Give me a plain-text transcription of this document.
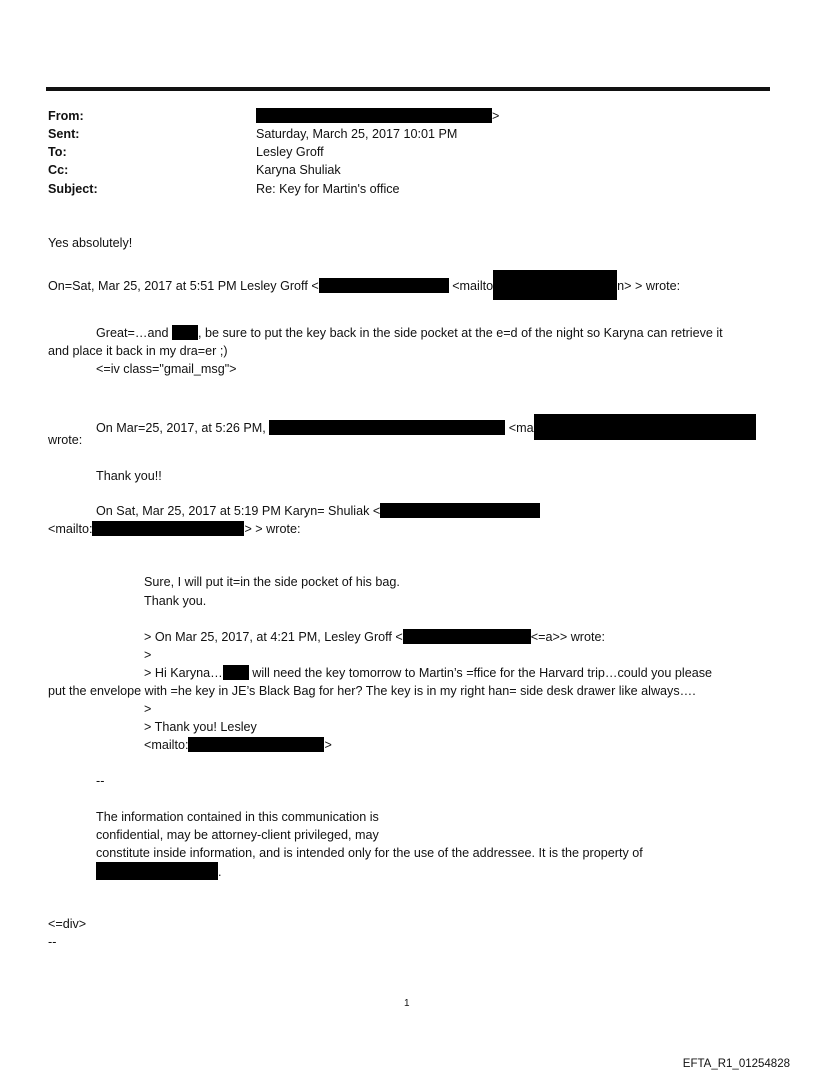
From:	>
Sent:	Saturday, March 25, 2017 10:01 PM
To:	Lesley Groff
Cc:	Karyna Shuliak
Subject:	Re: Key for Martin's office
Yes absolutely!
On=Sat, Mar 25, 2017 at 5:51 PM Lesley Groff <	<mailto	n> > wrote:
Great=…and , be sure to put the key back in the side pocket at the e=d of the night so Karyna can retrieve it
and place it back in my dra=er ;)
<=iv class="gmail_msg">
On Mar=25, 2017, at 5:26 PM,	<ma
wrote:
Thank you!!
On Sat, Mar 25, 2017 at 5:19 PM Karyn= Shuliak <
<mailto:	> > wrote:
Sure, I will put it=in the side pocket of his bag.
Thank you.
> On Mar 25, 2017, at 4:21 PM, Lesley Groff <	<=a>> wrote:
>
> Hi Karyna… will need the key tomorrow to Martin’s =ffice for the Harvard trip…could you please
put the envelope with =he key in JE’s Black Bag for her? The key is in my right han= side desk drawer like always….
>
> Thank you! Lesley
<mailto:	>
--
The information contained in this communication is
confidential, may be attorney-client privileged, may
constitute inside information, and is intended only for the use of the addressee. It is the property of
.
<=div>
--
1
EFTA_R1_01254828
